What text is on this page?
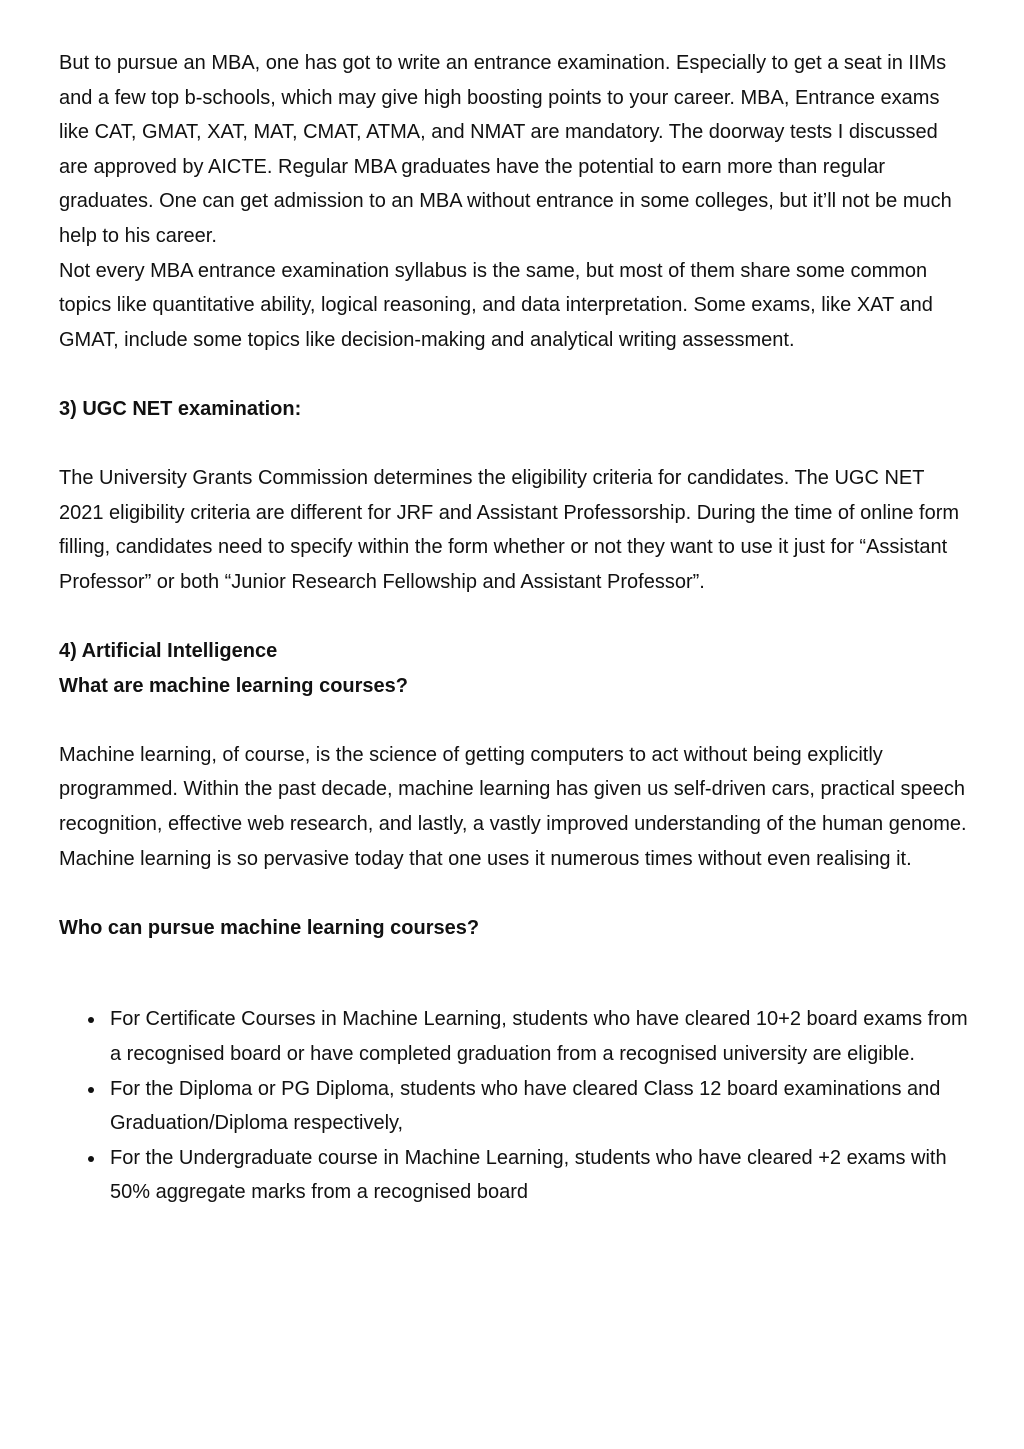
But to pursue an MBA, one has got to write an entrance examination. Especially to get a seat in IIMs and a few top b-schools, which may give high boosting points to your career. MBA, Entrance exams like CAT, GMAT, XAT, MAT, CMAT, ATMA, and NMAT are mandatory. The doorway tests I discussed are approved by AICTE. Regular MBA graduates have the potential to earn more than regular graduates. One can get admission to an MBA without entrance in some colleges, but it’ll not be much help to his career.

Not every MBA entrance examination syllabus is the same, but most of them share some common topics like quantitative ability, logical reasoning, and data interpretation. Some exams, like XAT and GMAT, include some topics like decision-making and analytical writing assessment.

3) UGC NET examination:

The University Grants Commission determines the eligibility criteria for candidates. The UGC NET 2021 eligibility criteria are different for JRF and Assistant Professorship. During the time of online form filling, candidates need to specify within the form whether or not they want to use it just for “Assistant Professor” or both “Junior Research Fellowship and Assistant Professor”.

4) Artificial Intelligence

What are machine learning courses?

Machine learning, of course, is the science of getting computers to act without being explicitly programmed. Within the past decade, machine learning has given us self-driven cars, practical speech recognition, effective web research, and lastly, a vastly improved understanding of the human genome. Machine learning is so pervasive today that one uses it numerous times without even realising it.

Who can pursue machine learning courses?

For Certificate Courses in Machine Learning, students who have cleared 10+2 board exams from a recognised board or have completed graduation from a recognised university are eligible.
For the Diploma or PG Diploma, students who have cleared Class 12 board examinations and Graduation/Diploma respectively,
For the Undergraduate course in Machine Learning, students who have cleared +2 exams with 50% aggregate marks from a recognised board
